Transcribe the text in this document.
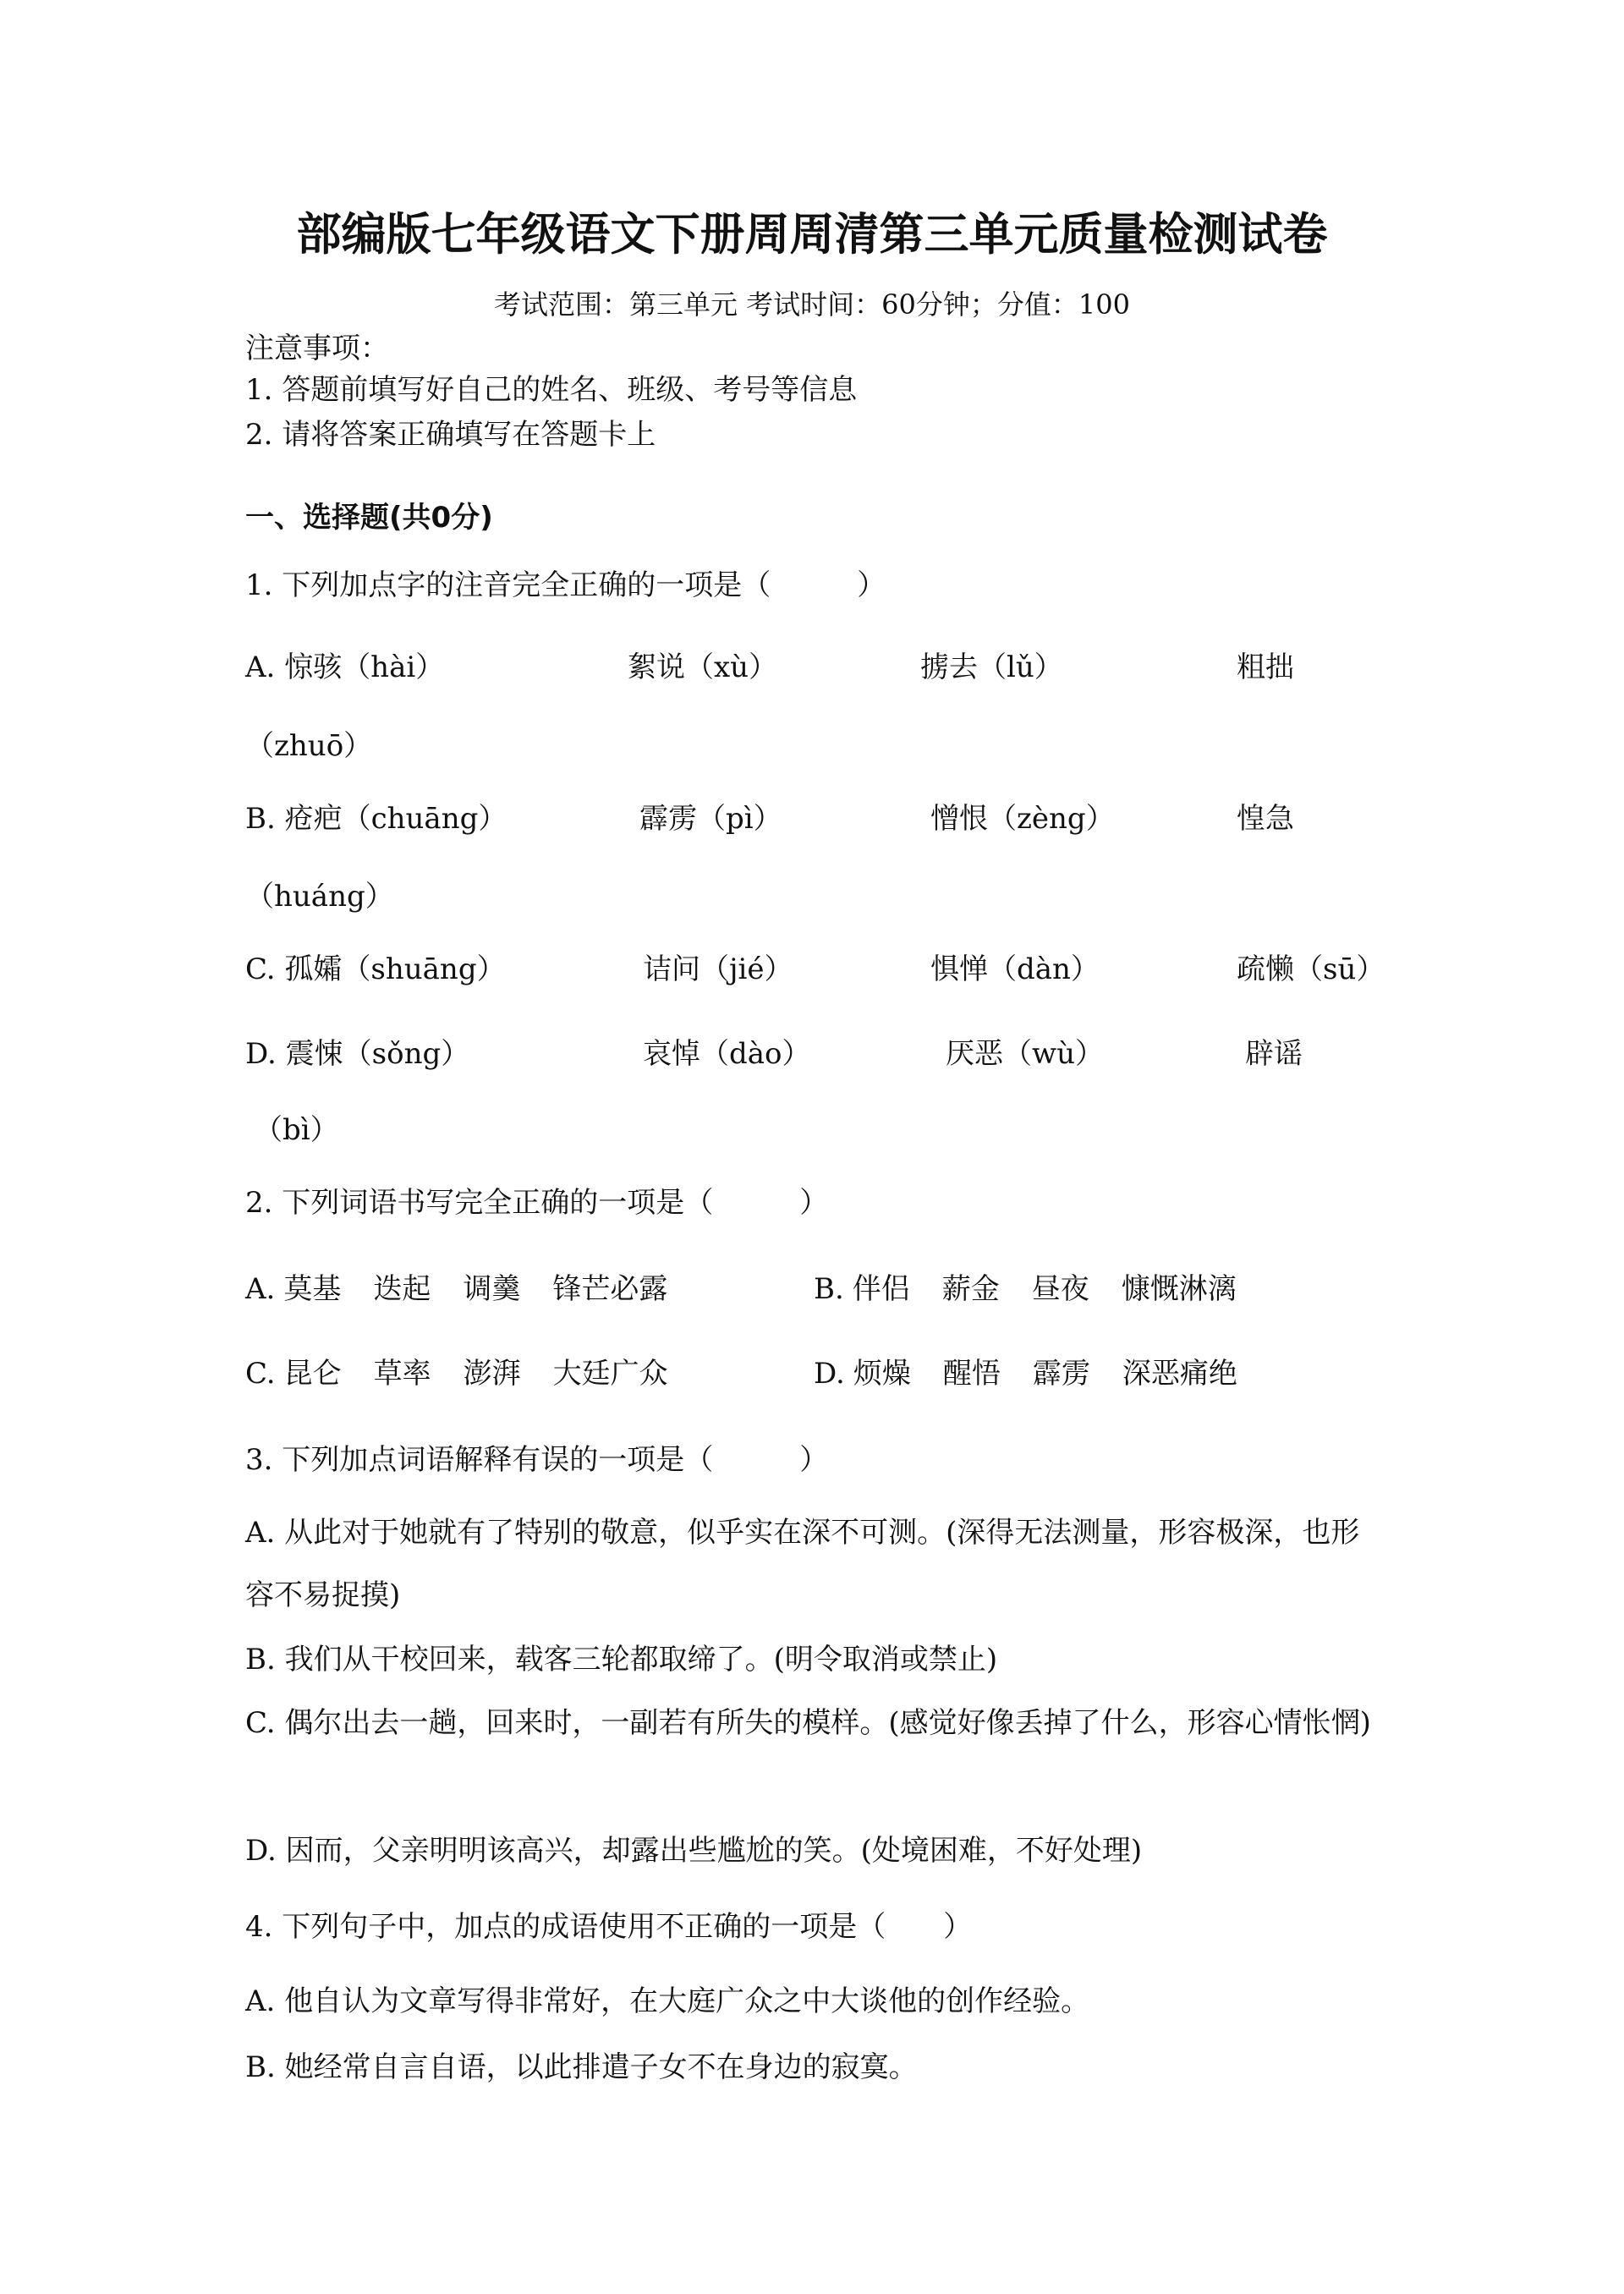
部编版七年级语文下册周周清第三单元质量检测试卷
考试范围：第三单元 考试时间：60分钟；分值：100
注意事项：
1. 答题前填写好自己的姓名、班级、考号等信息
2. 请将答案正确填写在答题卡上
一、选择题(共0分)
1. 下列加点字的注音完全正确的一项是（　　　）
A. 惊骇（hài）	絮说（xù）	掳去（lǔ）	粗拙
（zhuō）
B. 疮疤（chuāng）	霹雳（pì）	憎恨（zèng）	惶急
（huáng）
C. 孤孀（shuāng）	诘问（jié）	惧惮（dàn）	疏懒（sū）
D. 震悚（sǒng）	哀悼（dào）	厌恶（wù）	辟谣
（bì）
2. 下列词语书写完全正确的一项是（　　　）
A. 莫基 迭起 调羹 锋芒必露	B. 伴侣 薪金 昼夜 慷慨淋漓
C. 昆仑 草率 澎湃 大廷广众	D. 烦燥 醒悟 霹雳 深恶痛绝
3. 下列加点词语解释有误的一项是（　　　）
A. 从此对于她就有了特别的敬意，似乎实在深不可测。(深得无法测量，形容极深，也形容不易捉摸)
B. 我们从干校回来，载客三轮都取缔了。(明令取消或禁止)
C. 偶尔出去一趟，回来时，一副若有所失的模样。(感觉好像丢掉了什么，形容心情怅惘)
D. 因而，父亲明明该高兴，却露出些尴尬的笑。(处境困难，不好处理)
4. 下列句子中，加点的成语使用不正确的一项是（　　）
A. 他自认为文章写得非常好，在大庭广众之中大谈他的创作经验。
B. 她经常自言自语，以此排遣子女不在身边的寂寞。
